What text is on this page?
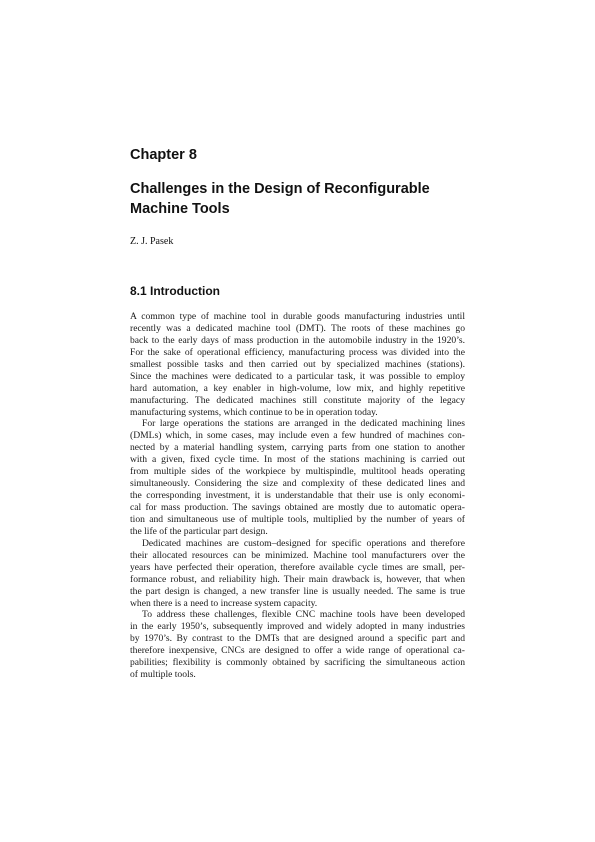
Chapter 8
Challenges in the Design of Reconfigurable
Machine Tools
Z. J. Pasek
8.1 Introduction
A common type of machine tool in durable goods manufacturing industries until
recently was a dedicated machine tool (DMT). The roots of these machines go
back to the early days of mass production in the automobile industry in the 1920’s.
For the sake of operational efficiency, manufacturing process was divided into the
smallest possible tasks and then carried out by specialized machines (stations).
Since the machines were dedicated to a particular task, it was possible to employ
hard automation, a key enabler in high-volume, low mix, and highly repetitive
manufacturing. The dedicated machines still constitute majority of the legacy
manufacturing systems, which continue to be in operation today.
For large operations the stations are arranged in the dedicated machining lines
(DMLs) which, in some cases, may include even a few hundred of machines con-
nected by a material handling system, carrying parts from one station to another
with a given, fixed cycle time. In most of the stations machining is carried out
from multiple sides of the workpiece by multispindle, multitool heads operating
simultaneously. Considering the size and complexity of these dedicated lines and
the corresponding investment, it is understandable that their use is only economi-
cal for mass production. The savings obtained are mostly due to automatic opera-
tion and simultaneous use of multiple tools, multiplied by the number of years of
the life of the particular part design.
Dedicated machines are custom–designed for specific operations and therefore
their allocated resources can be minimized. Machine tool manufacturers over the
years have perfected their operation, therefore available cycle times are small, per-
formance robust, and reliability high. Their main drawback is, however, that when
the part design is changed, a new transfer line is usually needed. The same is true
when there is a need to increase system capacity.
To address these challenges, flexible CNC machine tools have been developed
in the early 1950’s, subsequently improved and widely adopted in many industries
by 1970’s. By contrast to the DMTs that are designed around a specific part and
therefore inexpensive, CNCs are designed to offer a wide range of operational ca-
pabilities; flexibility is commonly obtained by sacrificing the simultaneous action
of multiple tools.
